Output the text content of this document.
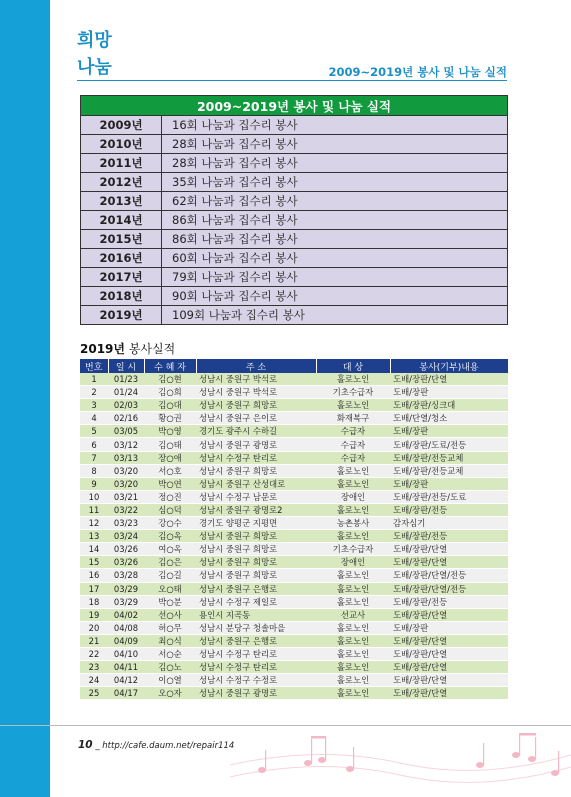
희망
나눔	2009~2019년 봉사 및 나눔 실적
2009~2019년 봉사 및 나눔 실적	
2009년	16회 나눔과 집수리 봉사
2010년	28회 나눔과 집수리 봉사
2011년	28회 나눔과 집수리 봉사
2012년	35회 나눔과 집수리 봉사
2013년	62회 나눔과 집수리 봉사
2014년	86회 나눔과 집수리 봉사
2015년	86회 나눔과 집수리 봉사
2016년	60회 나눔과 집수리 봉사
2017년	79회 나눔과 집수리 봉사
2018년	90회 나눔과 집수리 봉사
2019년	109회 나눔과 집수리 봉사
2019년 봉사실적
번호	일 시	수 혜 자	주 소	대 상	봉사(기부)내용
1	01/23	김○현	성남시 중원구 박석로	홀로노인	도배/장판/단열
2	01/24	김○희	성남시 중원구 박석로	기초수급자	도배/장판
3	02/03	김○대	성남시 중원구 희망로	홀로노인	도배/장판/싱크대
4	02/16	황○권	성남시 중원구 은이로	화재복구	도배/단열/청소
5	03/05	박○영	경기도 광주시 수하길	수급자	도배/장판
6	03/12	김○태	성남시 중원구 광명로	수급자	도배/장판/도료/전등
7	03/13	장○애	성남시 수정구 탄리로	수급자	도배/장판/전등교체
8	03/20	서○호	성남시 중원구 희망로	홀로노인	도배/장판/전등교체
9	03/20	박○연	성남시 중원구 산성대로	홀로노인	도배/장판
10	03/21	정○진	성남시 수정구 남문로	장애인	도배/장판/전등/도료
11	03/22	심○덕	성남시 중원구 광명로2	홀로노인	도배/장판/전등
12	03/23	강○수	경기도 양평군 지평면	농촌봉사	감자심기
13	03/24	김○옥	성남시 중원구 희망로	홀로노인	도배/장판/전등
14	03/26	여○옥	성남시 중원구 희망로	기초수급자	도배/장판/단열
15	03/26	김○은	성남시 중원구 희망로	장애인	도배/장판/단열
16	03/28	김○길	성남시 중원구 희망로	홀로노인	도배/장판/단열/전등
17	03/29	오○태	성남시 중원구 은행로	홀로노인	도배/장판/단열/전등
18	03/29	박○분	성남시 수정구 제일로	홀로노인	도배/장판/전등
19	04/02	선○사	용인시 지곡동	선교사	도배/장판/단열
20	04/08	허○무	성남시 분당구 청솔마을	홀로노인	도배/장판
21	04/09	최○식	성남시 중원구 은행로	홀로노인	도배/장판/단열
22	04/10	서○순	성남시 수정구 탄리로	홀로노인	도배/장판/단열
23	04/11	김○노	성남시 수정구 탄리로	홀로노인	도배/장판/단열
24	04/12	이○열	성남시 수정구 수정로	홀로노인	도배/장판/단열
25	04/17	오○자	성남시 중원구 광명로	홀로노인	도배/장판/단열
10 _ http://cafe.daum.net/repair114
